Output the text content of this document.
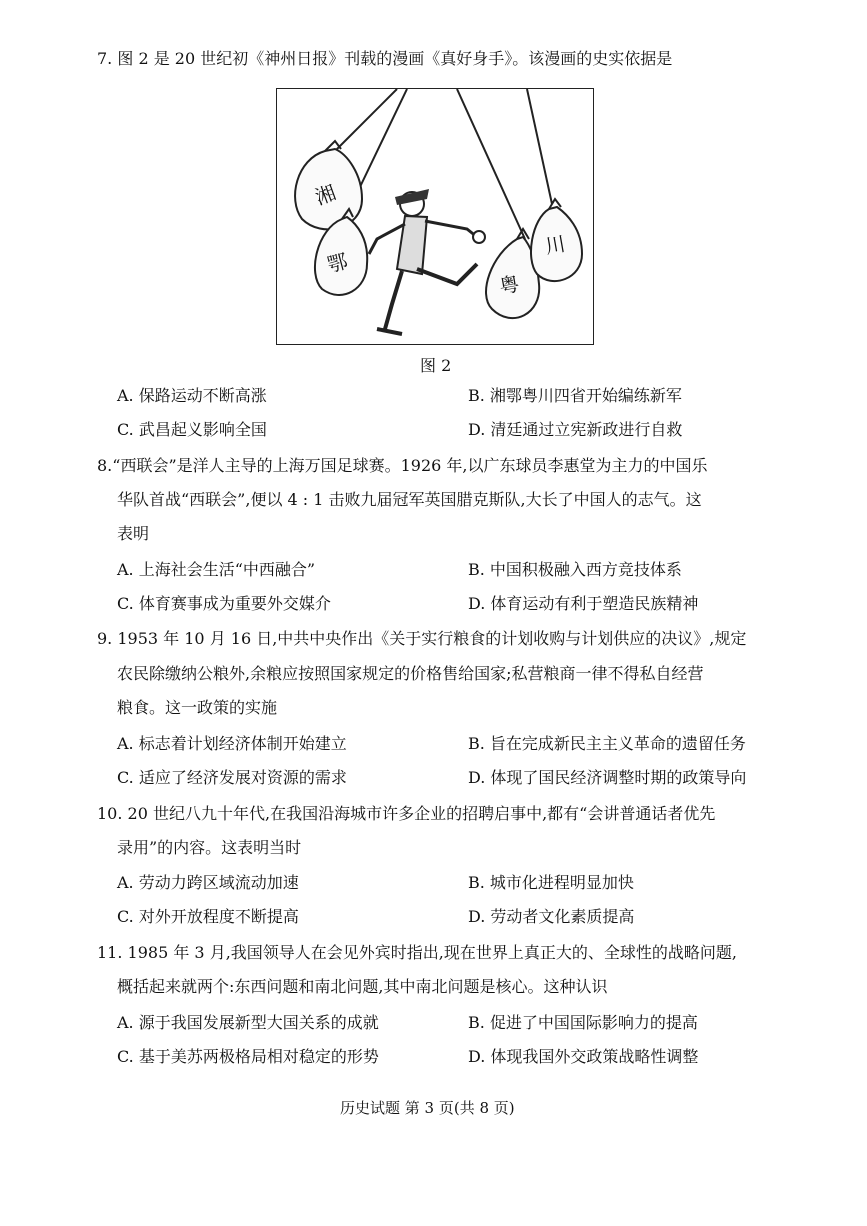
7. 图 2 是 20 世纪初《神州日报》刊载的漫画《真好身手》。该漫画的史实依据是
湘
鄂
粤
川
图 2
A. 保路运动不断高涨	B. 湘鄂粤川四省开始编练新军
C. 武昌起义影响全国	D. 清廷通过立宪新政进行自救
8.“西联会”是洋人主导的上海万国足球赛。1926 年,以广东球员李惠堂为主力的中国乐
华队首战“西联会”,便以 4 : 1 击败九届冠军英国腊克斯队,大长了中国人的志气。这
表明
A. 上海社会生活“中西融合”	B. 中国积极融入西方竞技体系
C. 体育赛事成为重要外交媒介	D. 体育运动有利于塑造民族精神
9. 1953 年 10 月 16 日,中共中央作出《关于实行粮食的计划收购与计划供应的决议》,规定
农民除缴纳公粮外,余粮应按照国家规定的价格售给国家;私营粮商一律不得私自经营
粮食。这一政策的实施
A. 标志着计划经济体制开始建立	B. 旨在完成新民主主义革命的遗留任务
C. 适应了经济发展对资源的需求	D. 体现了国民经济调整时期的政策导向
10. 20 世纪八九十年代,在我国沿海城市许多企业的招聘启事中,都有“会讲普通话者优先
录用”的内容。这表明当时
A. 劳动力跨区域流动加速	B. 城市化进程明显加快
C. 对外开放程度不断提高	D. 劳动者文化素质提高
11. 1985 年 3 月,我国领导人在会见外宾时指出,现在世界上真正大的、全球性的战略问题,
概括起来就两个:东西问题和南北问题,其中南北问题是核心。这种认识
A. 源于我国发展新型大国关系的成就	B. 促进了中国国际影响力的提高
C. 基于美苏两极格局相对稳定的形势	D. 体现我国外交政策战略性调整
历史试题 第 3 页(共 8 页)
